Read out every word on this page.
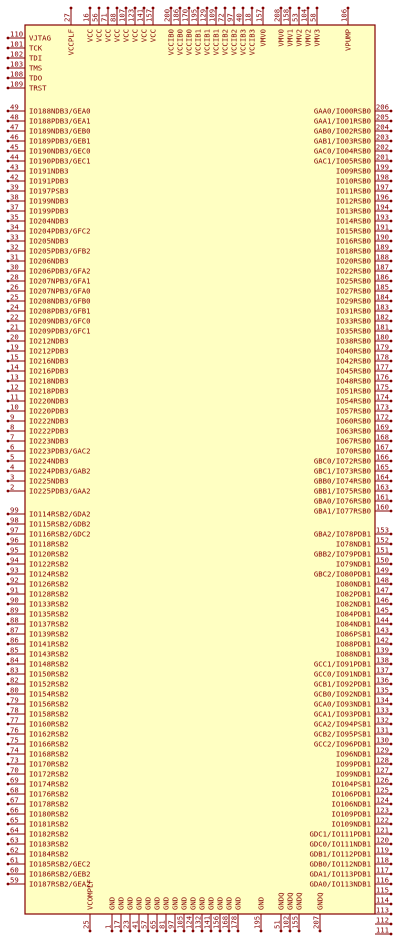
110 VJTAG
101 TCK
102 TDI
103 TMS
108 TDO
109 TRST
49 IO188NDB3/GEA0
48 IO188PDB3/GEA1
47 IO189NDB3/GEB0
46 IO189PDB3/GEB1
45 IO190NDB3/GEC0
44 IO190PDB3/GEC1
43 IO191NDB3
42 IO191PDB3
39 IO197PSB3
38 IO199NDB3
37 IO199PDB3
35 IO204NDB3
34 IO204PDB3/GFC2
33 IO205NDB3
32 IO205PDB3/GFB2
31 IO206NDB3
30 IO206PDB3/GFA2
28 IO207NPB3/GFA1
26 IO207NPB3/GFA0
25 IO208NDB3/GFB0
24 IO208PDB3/GFB1
22 IO209NDB3/GFC0
21 IO209PDB3/GFC1
20 IO212NDB3
19 IO212PDB3
15 IO216NDB3
14 IO216PDB3
13 IO218NDB3
12 IO218PDB3
11 IO220NDB3
10 IO220PDB3
9 IO222NDB3
8 IO222PDB3
7 IO223NDB3
6 IO223PDB3/GAC2
5 IO224NDB3
4 IO224PDB3/GAB2
3 IO225NDB3
2 IO225PDB3/GAA2
99 IO114RSB2/GDA2
98 IO115RSB2/GDB2
97 IO116RSB2/GDC2
96 IO118RSB2
95 IO120RSB2
94 IO122RSB2
93 IO124RSB2
92 IO126RSB2
91 IO128RSB2
90 IO133RSB2
89 IO135RSB2
88 IO137RSB2
87 IO139RSB2
86 IO141RSB2
85 IO143RSB2
84 IO148RSB2
83 IO150RSB2
82 IO152RSB2
80 IO154RSB2
79 IO156RSB2
78 IO158RSB2
77 IO160RSB2
76 IO162RSB2
75 IO166RSB2
74 IO168RSB2
73 IO170RSB2
70 IO172RSB2
69 IO174RSB2
68 IO176RSB2
67 IO178RSB2
66 IO180RSB2
65 IO181RSB2
64 IO182RSB2
63 IO183RSB2
62 IO184RSB2
61 IO185RSB2/GEC2
60 IO186RSB2/GEB2
59 IO187RSB2/GEA2
206
GAA0/IO00RSB0
205
GAA1/IO01RSB0
204
GAB0/IO02RSB0
203
GAB1/IO03RSB0
202
GAC0/IO04RSB0
201
GAC1/IO05RSB0
199
IO09RSB0
198
IO10RSB0
197
IO11RSB0
196
IO12RSB0
194
IO13RSB0
193
IO14RSB0
191
IO15RSB0
190
IO16RSB0
189
IO18RSB0
188
IO20RSB0
187
IO22RSB0
186
IO25RSB0
185
IO27RSB0
184
IO29RSB0
183
IO31RSB0
182
IO33RSB0
181
IO35RSB0
180
IO38RSB0
179
IO40RSB0
178
IO42RSB0
177
IO45RSB0
176
IO48RSB0
175
IO51RSB0
174
IO54RSB0
173
IO57RSB0
172
IO60RSB0
169
IO63RSB0
168
IO67RSB0
167
IO70RSB0
166
GBC0/IO72RSB0
165
GBC1/IO73RSB0
164
GBB0/IO74RSB0
163
GBB1/IO75RSB0
161
GBA0/IO76RSB0
160
GBA1/IO77RSB0
153
GBA2/IO78PDB1
152
IO78NDB1
151
GBB2/IO79PDB1
150
IO79NDB1
149
GBC2/IO80PDB1
148
IO80NDB1
147
IO82PDB1
146
IO82NDB1
145
IO84PDB1
144
IO84NDB1
143
IO86PSB1
142
IO88PDB1
139
IO88NDB1
138
GCC1/IO91PDB1
137
GCC0/IO91NDB1
136
GCB1/IO92PDB1
135
GCB0/IO92NDB1
134
GCA0/IO93NDB1
133
GCA1/IO93PDB1
132
GCA2/IO94PSB1
131
GCB2/IO95PSB1
130
GCC2/IO96PDB1
129
IO96NDB1
128
IO99PDB1
127
IO99NDB1
126
IO104PSB1
125
IO106PDB1
124
IO106NDB1
123
IO109PDB1
122
IO109NDB1
121
GDC1/IO111PDB1
120
GDC0/IO111NDB1
119
GDB1/IO112PDB1
118
GDB0/IO112NDB1
117
GDA1/IO113PDB1
116
GDA0/IO113NDB1
115
114
113
112
111
27
VCCPLF
16
VCC
56
VCC
71
VCC
88
VCC
107
VCC
123
VCC
141
VCC
157
VCC
200
VCCIB0
186
VCCIB0
170
VCCIB0
195
VCCIB1
129
VCCIB1
109
VCCIB1
72
VCCIB2
97
VCCIB2
40
VCCIB3
18
VCCIB3
157
VMV0
208
VMV0
158
VMV1
53
VMV2
104
VMV2
58
VMV3
106
VPUMP
25
VCOMPLF
1
GND
17
GND
23
GND
41
GND
57
GND
65
GND
81
GND
97
GND
105
GND
124
GND
132
GND
141
GND
156
GND
168
GND
178
GND
195
GND
51
GNDQ
102
GNDQ
155
GNDQ
207
GNDQ
